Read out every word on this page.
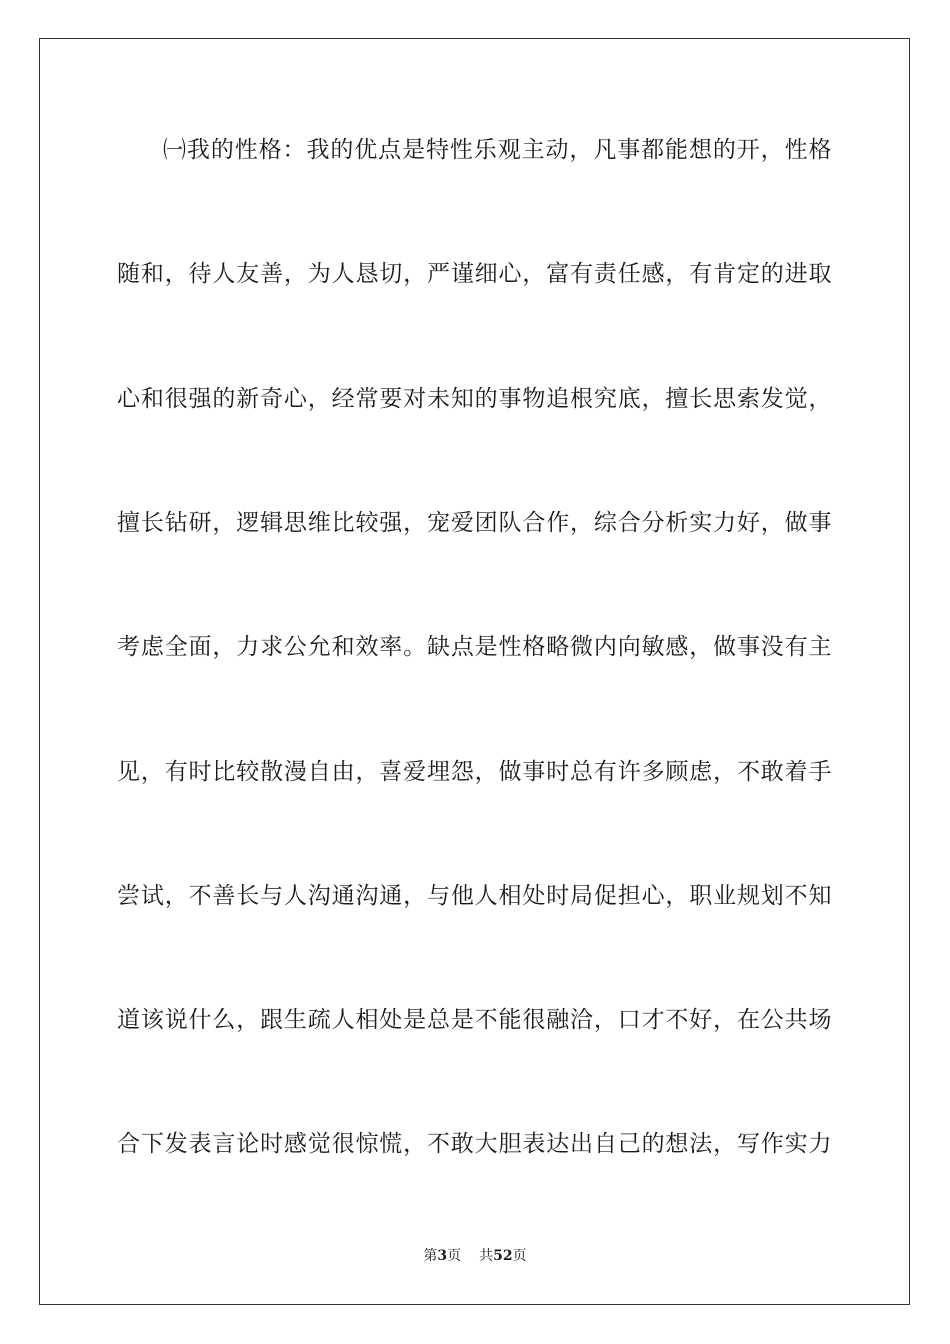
㈠我的性格：我的优点是特性乐观主动，凡事都能想的开，性格
随和，待人友善，为人恳切，严谨细心，富有责任感，有肯定的进取
心和很强的新奇心，经常要对未知的事物追根究底，擅长思索发觉，
擅长钻研，逻辑思维比较强，宠爱团队合作，综合分析实力好，做事
考虑全面，力求公允和效率。缺点是性格略微内向敏感，做事没有主
见，有时比较散漫自由，喜爱埋怨，做事时总有许多顾虑，不敢着手
尝试，不善长与人沟通沟通，与他人相处时局促担心，职业规划不知
道该说什么，跟生疏人相处是总是不能很融洽，口才不好，在公共场
合下发表言论时感觉很惊慌，不敢大胆表达出自己的想法，写作实力
第3页 共52页
